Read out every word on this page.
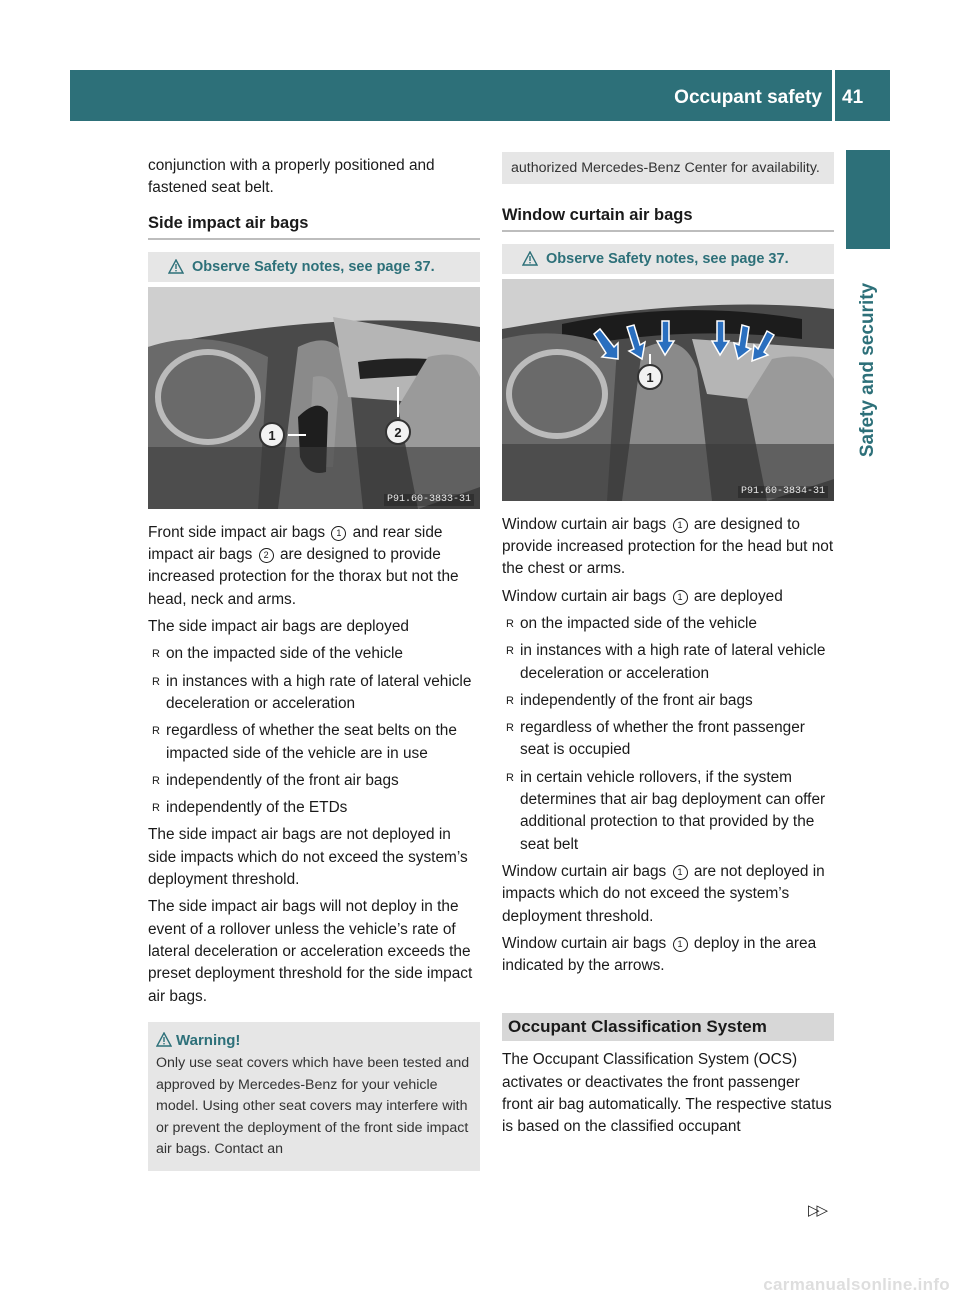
Occupant safety 41
Safety and security

conjunction with a properly positioned and fastened seat belt.

Side impact air bags
Observe Safety notes, see page 37.
1	2
P91.60-3833-31

Front side impact air bags 1 and rear side impact air bags 2 are designed to provide increased protection for the thorax but not the head, neck and arms.

The side impact air bags are deployed

R on the impacted side of the vehicle
R in instances with a high rate of lateral vehicle deceleration or acceleration
R regardless of whether the seat belts on the impacted side of the vehicle are in use
R independently of the front air bags
R independently of the ETDs

The side impact air bags are not deployed in side impacts which do not exceed the system’s deployment threshold.

The side impact air bags will not deploy in the event of a rollover unless the vehicle’s rate of lateral deceleration or acceleration exceeds the preset deployment threshold for the side impact air bags.

Warning!
Only use seat covers which have been tested and approved by Mercedes-Benz for your vehicle model. Using other seat covers may interfere with or prevent the deployment of the front side impact air bags. Contact an
authorized Mercedes-Benz Center for availability.
Window curtain air bags
Observe Safety notes, see page 37.
1
P91.60-3834-31

Window curtain air bags 1 are designed to provide increased protection for the head but not the chest or arms.

Window curtain air bags 1 are deployed

R on the impacted side of the vehicle
R in instances with a high rate of lateral vehicle deceleration or acceleration
R independently of the front air bags
R regardless of whether the front passenger seat is occupied
R in certain vehicle rollovers, if the system determines that air bag deployment can offer additional protection to that provided by the seat belt

Window curtain air bags 1 are not deployed in impacts which do not exceed the system’s deployment threshold.

Window curtain air bags 1 deploy in the area indicated by the arrows.

Occupant Classification System

The Occupant Classification System (OCS) activates or deactivates the front passenger front air bag automatically. The respective status is based on the classified occupant

▷▷
carmanualsonline.info
